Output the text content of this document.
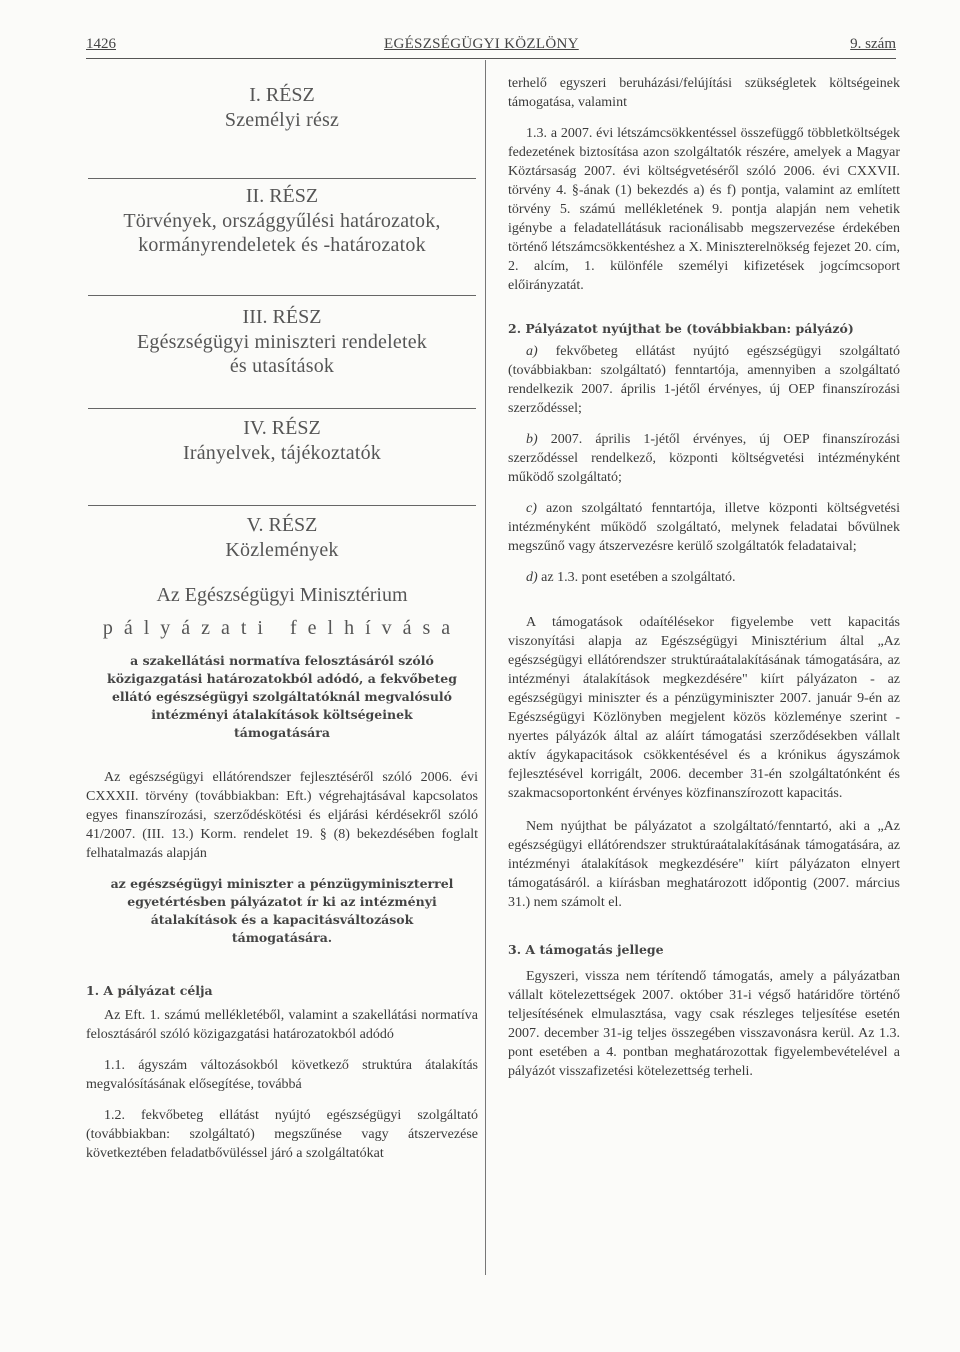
1426	EGÉSZSÉGÜGYI KÖZLÖNY	9. szám
I. RÉSZ
Személyi rész
II. RÉSZ
Törvények, országgyűlési határozatok,
kormányrendeletek és -határozatok
III. RÉSZ
Egészségügyi miniszteri rendeletek
és utasítások
IV. RÉSZ
Irányelvek, tájékoztatók
V. RÉSZ
Közlemények
Az Egészségügyi Minisztérium
pályázati felhívása
a szakellátási normatíva felosztásáról szóló
közigazgatási határozatokból adódó, a fekvőbeteg
ellátó egészségügyi szolgáltatóknál megvalósuló
intézményi átalakítások költségeinek
támogatására

Az egészségügyi ellátórendszer fejlesztéséről szóló 2006. évi CXXXII. törvény (továbbiakban: Eft.) végrehajtásával kapcsolatos egyes finanszírozási, szerződéskötési és eljárási kérdésekről szóló 41/2007. (III. 13.) Korm. rendelet 19. § (8) bekezdésében foglalt felhatalmazás alapján

az egészségügyi miniszter a pénzügyminiszterrel
egyetértésben pályázatot ír ki az intézményi
átalakítások és a kapacitásváltozások
támogatására.
1. A pályázat célja

Az Eft. 1. számú mellékletéből, valamint a szakellátási normatíva felosztásáról szóló közigazgatási határozatokból adódó

1.1. ágyszám változásokból következő struktúra átalakítás megvalósításának elősegítése, továbbá

1.2. fekvőbeteg ellátást nyújtó egészségügyi szolgáltató (továbbiakban: szolgáltató) megszűnése vagy átszervezése következtében feladatbővüléssel járó a szolgáltatókat

terhelő egyszeri beruházási/felújítási szükségletek költségeinek támogatása, valamint

1.3. a 2007. évi létszámcsökkentéssel összefüggő többletköltségek fedezetének biztosítása azon szolgáltatók részére, amelyek a Magyar Köztársaság 2007. évi költségvetéséről szóló 2006. évi CXXVII. törvény 4. §-ának (1) bekezdés a) és f) pontja, valamint az említett törvény 5. számú mellékletének 9. pontja alapján nem vehetik igénybe a feladatellátásuk racionálisabb megszervezése érdekében történő létszámcsökkentéshez a X. Miniszterelnökség fejezet 20. cím, 2. alcím, 1. különféle személyi kifizetések jogcímcsoport előirányzatát.

2. Pályázatot nyújthat be (továbbiakban: pályázó)

a) fekvőbeteg ellátást nyújtó egészségügyi szolgáltató (továbbiakban: szolgáltató) fenntartója, amennyiben a szolgáltató rendelkezik 2007. április 1-jétől érvényes, új OEP finanszírozási szerződéssel;

b) 2007. április 1-jétől érvényes, új OEP finanszírozási szerződéssel rendelkező, központi költségvetési intézményként működő szolgáltató;

c) azon szolgáltató fenntartója, illetve központi költségvetési intézményként működő szolgáltató, melynek feladatai bővülnek megszűnő vagy átszervezésre kerülő szolgáltatók feladataival;

d) az 1.3. pont esetében a szolgáltató.

A támogatások odaítélésekor figyelembe vett kapacitás viszonyítási alapja az Egészségügyi Minisztérium által „Az egészségügyi ellátórendszer struktúraátalakításának támogatására, az intézményi átalakítások megkezdésére" kiírt pályázaton - az egészségügyi miniszter és a pénzügyminiszter 2007. január 9-én az Egészségügyi Közlönyben megjelent közös közleménye szerint - nyertes pályázók által az aláírt támogatási szerződésekben vállalt aktív ágykapacitások csökkentésével és a krónikus ágyszámok fejlesztésével korrigált, 2006. december 31-én szolgáltatónként és szakmacsoportonként érvényes közfinanszírozott kapacitás.

Nem nyújthat be pályázatot a szolgáltató/fenntartó, aki a „Az egészségügyi ellátórendszer struktúraátalakításának támogatására, az intézményi átalakítások megkezdésére" kiírt pályázaton elnyert támogatásáról. a kiírásban meghatározott időpontig (2007. március 31.) nem számolt el.

3. A támogatás jellege

Egyszeri, vissza nem térítendő támogatás, amely a pályázatban vállalt kötelezettségek 2007. október 31-i végső határidőre történő teljesítésének elmulasztása, vagy csak részleges teljesítése esetén 2007. december 31-ig teljes összegében visszavonásra kerül. Az 1.3. pont esetében a 4. pontban meghatározottak figyelembevételével a pályázót visszafizetési kötelezettség terheli.
